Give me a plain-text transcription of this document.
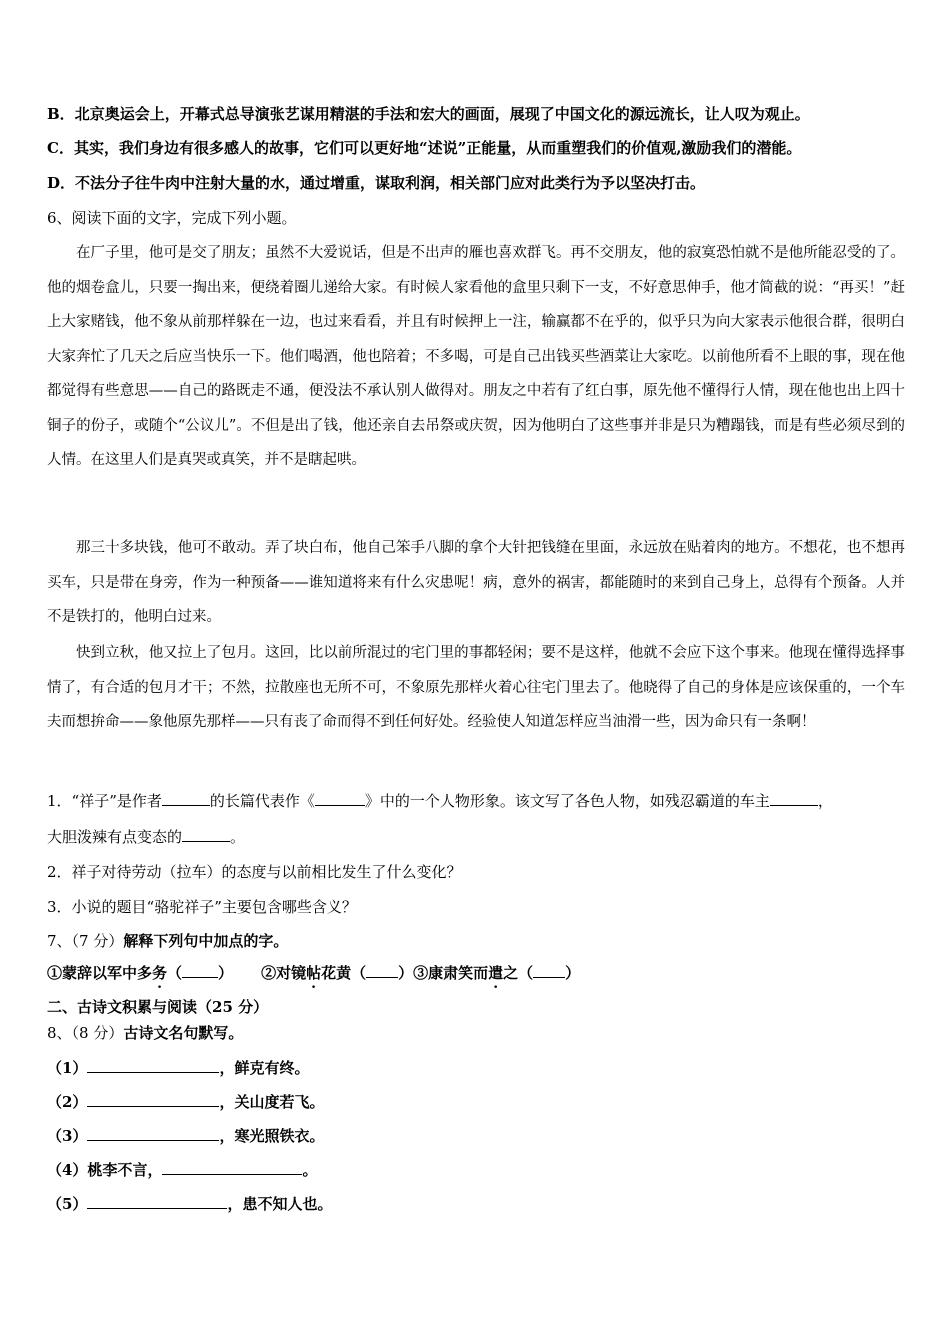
B．北京奥运会上，开幕式总导演张艺谋用精湛的手法和宏大的画面，展现了中国文化的源远流长，让人叹为观止。
C．其实，我们身边有很多感人的故事，它们可以更好地“述说”正能量，从而重塑我们的价值观,激励我们的潜能。
D．不法分子往牛肉中注射大量的水，通过增重，谋取利润，相关部门应对此类行为予以坚决打击。
6、阅读下面的文字，完成下列小题。
在厂子里，他可是交了朋友；虽然不大爱说话，但是不出声的雁也喜欢群飞。再不交朋友，他的寂寞恐怕就不是他所能忍受的了。他的烟卷盒儿，只要一掏出来，便绕着圈儿递给大家。有时候人家看他的盒里只剩下一支，不好意思伸手，他才简截的说：“再买！”赶上大家赌钱，他不象从前那样躲在一边，也过来看看，并且有时候押上一注，输赢都不在乎的，似乎只为向大家表示他很合群，很明白大家奔忙了几天之后应当快乐一下。他们喝酒，他也陪着；不多喝，可是自己出钱买些酒菜让大家吃。以前他所看不上眼的事，现在他都觉得有些意思——自己的路既走不通，便没法不承认别人做得对。朋友之中若有了红白事，原先他不懂得行人情，现在他也出上四十铜子的份子，或随个“公议儿”。不但是出了钱，他还亲自去吊祭或庆贺，因为他明白了这些事并非是只为糟蹋钱，而是有些必须尽到的人情。在这里人们是真哭或真笑，并不是瞎起哄。
那三十多块钱，他可不敢动。弄了块白布，他自己笨手八脚的拿个大针把钱缝在里面，永远放在贴着肉的地方。不想花，也不想再买车，只是带在身旁，作为一种预备——谁知道将来有什么灾患呢！病，意外的祸害，都能随时的来到自己身上，总得有个预备。人并不是铁打的，他明白过来。
快到立秋，他又拉上了包月。这回，比以前所混过的宅门里的事都轻闲；要不是这样，他就不会应下这个事来。他现在懂得选择事情了，有合适的包月才干；不然，拉散座也无所不可，不象原先那样火着心往宅门里去了。他晓得了自己的身体是应该保重的，一个车夫而想拚命——象他原先那样——只有丧了命而得不到任何好处。经验使人知道怎样应当油滑一些，因为命只有一条啊！
1．“祥子”是作者	的长篇代表作《	》中的一个人物形象。该文写了各色人物，如残忍霸道的车主	，
大胆泼辣有点变态的	。
2．祥子对待劳动（拉车）的态度与以前相比发生了什么变化？
3．小说的题目“骆驼祥子”主要包含哪些含义？
7、（7 分）解释下列句中加点的字。
①蒙辞以军中多务（ ） ②对镜帖花黄（ ）③康肃笑而遣之（ ）
二、古诗文积累与阅读（25 分）
8、（8 分）古诗文名句默写。
（1）	，鲜克有终。
（2）	，关山度若飞。
（3）	，寒光照铁衣。
（4）桃李不言，	。
（5）	，患不知人也。
